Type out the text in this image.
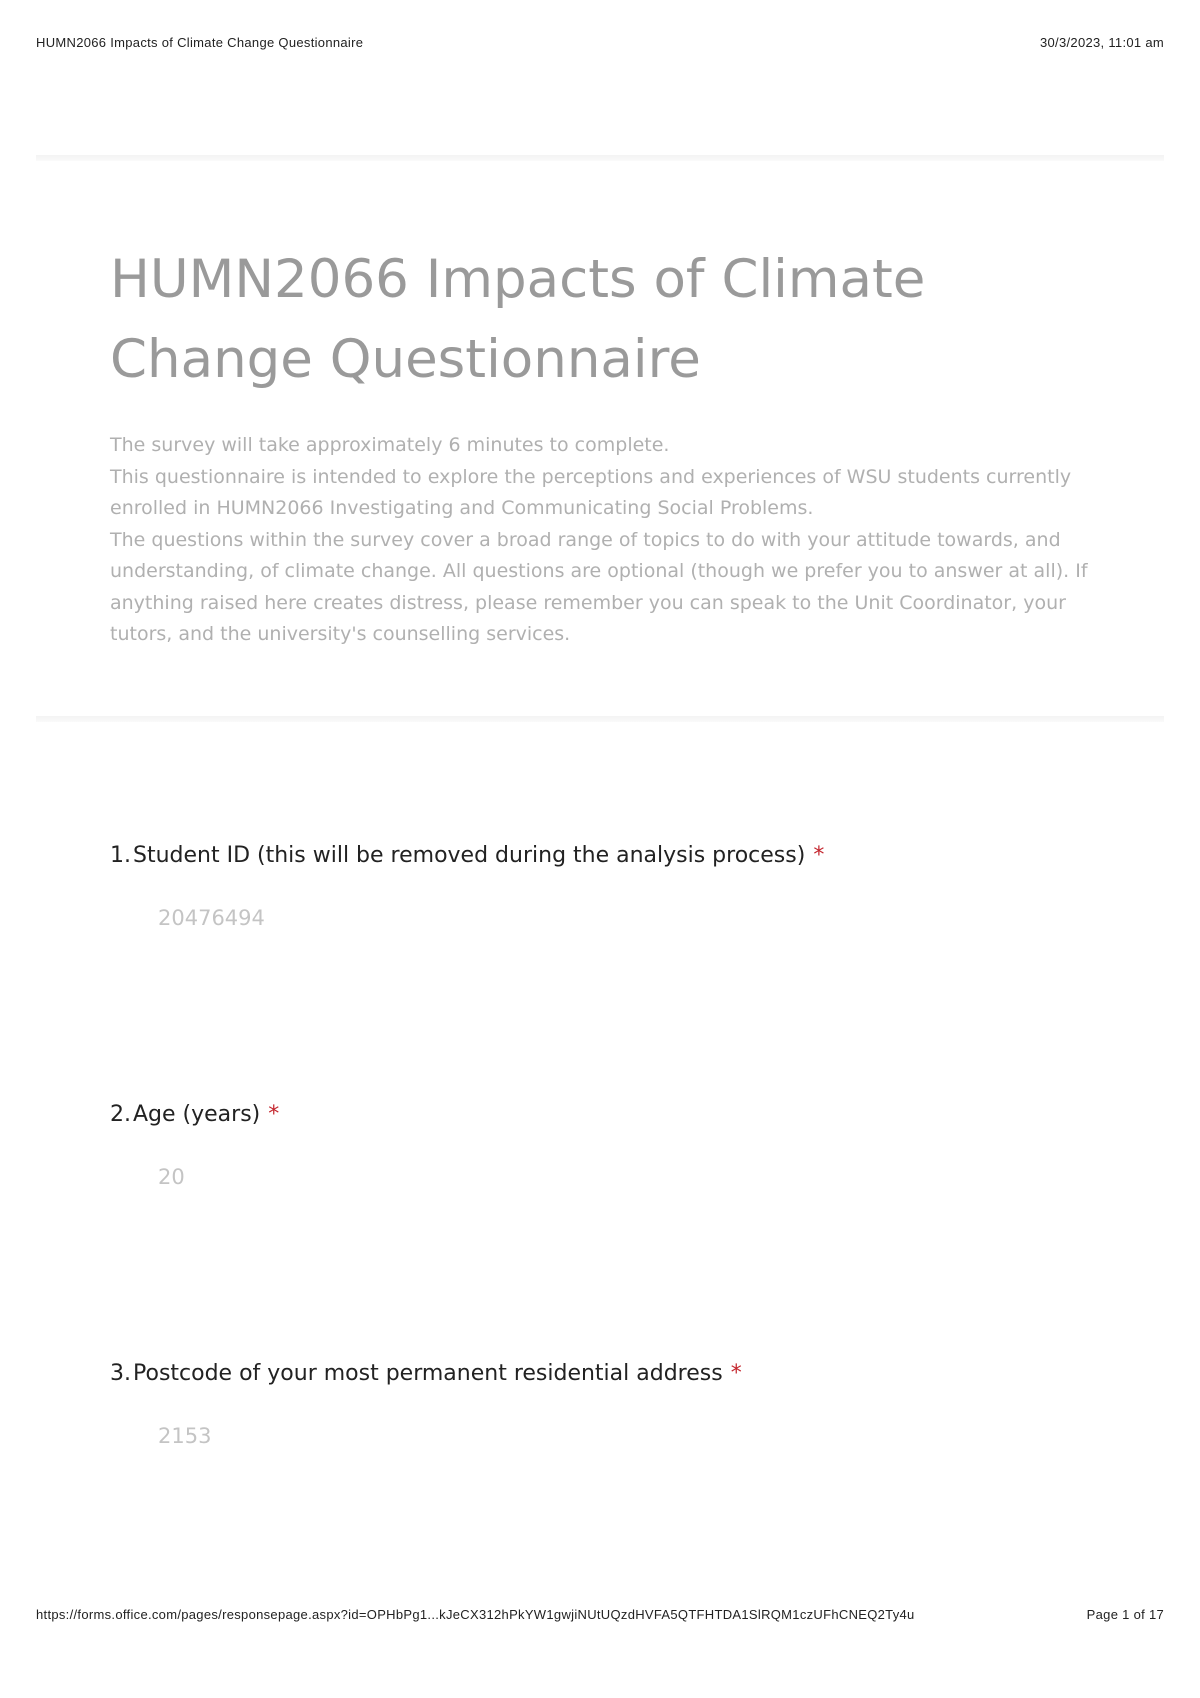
HUMN2066 Impacts of Climate Change Questionnaire	30/3/2023, 11:01 am
HUMN2066 Impacts of Climate Change Questionnaire

The survey will take approximately 6 minutes to complete.

This questionnaire is intended to explore the perceptions and experiences of WSU students currently enrolled in HUMN2066 Investigating and Communicating Social Problems.

The questions within the survey cover a broad range of topics to do with your attitude towards, and understanding, of climate change. All questions are optional (though we prefer you to answer at all). If anything raised here creates distress, please remember you can speak to the Unit Coordinator, your tutors, and the university's counselling services.

1. Student ID (this will be removed during the analysis process) *
20476494
2. Age (years) *
20
3. Postcode of your most permanent residential address *
2153
https://forms.office.com/pages/responsepage.aspx?id=OPHbPg1...kJeCX312hPkYW1gwjiNUtUQzdHVFA5QTFHTDA1SlRQM1czUFhCNEQ2Ty4u	Page 1 of 17
